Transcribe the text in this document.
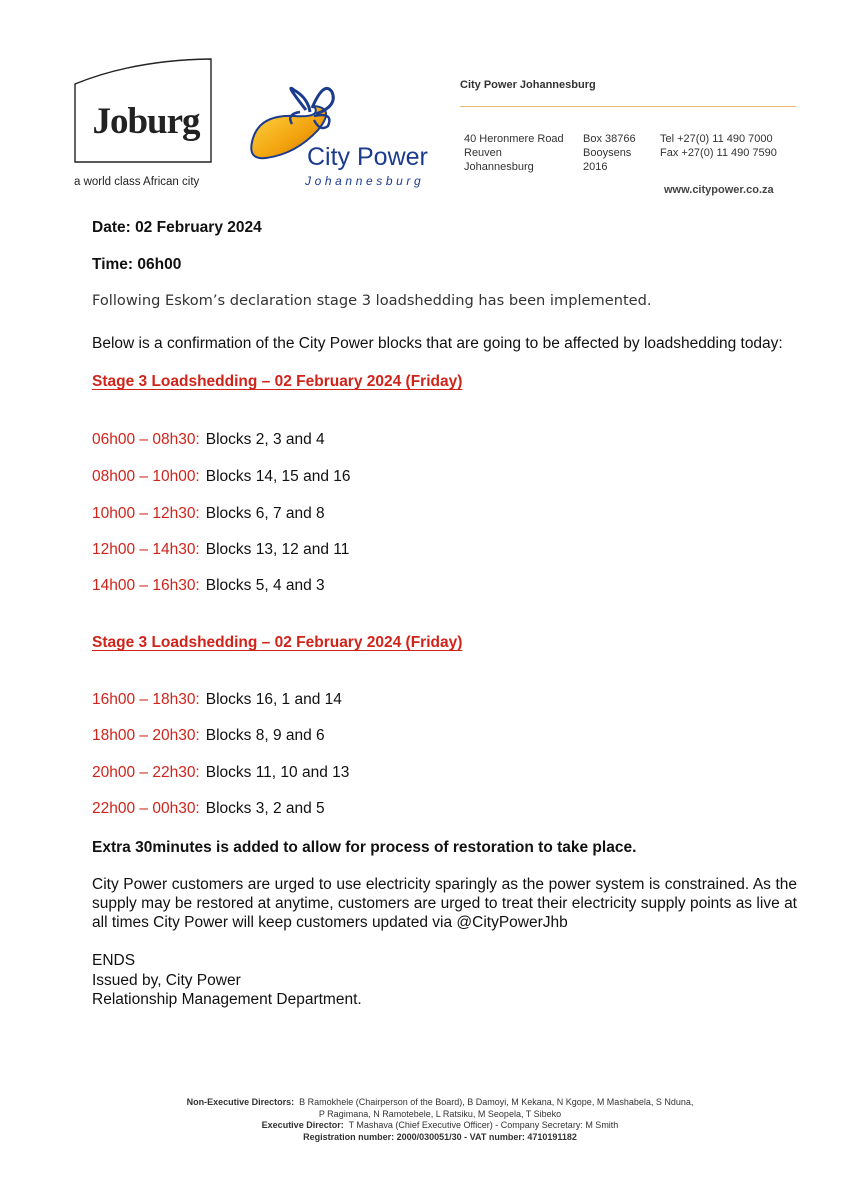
Joburg
a world class African city
City Power
Johannesburg
City Power Johannesburg
40 Heronmere Road
Reuven
Johannesburg
Box 38766
Booysens
2016
Tel +27(0) 11 490 7000
Fax +27(0) 11 490 7590
www.citypower.co.za
Date: 02 February 2024
Time: 06h00
Following Eskom’s declaration stage 3 loadshedding has been implemented.
Below is a confirmation of the City Power blocks that are going to be affected by loadshedding today:
Stage 3 Loadshedding – 02 February 2024 (Friday)
06h00 – 08h30: Blocks 2, 3 and 4
08h00 – 10h00: Blocks 14, 15 and 16
10h00 – 12h30: Blocks 6, 7 and 8
12h00 – 14h30: Blocks 13, 12 and 11
14h00 – 16h30: Blocks 5, 4 and 3
Stage 3 Loadshedding – 02 February 2024 (Friday)
16h00 – 18h30: Blocks 16, 1 and 14
18h00 – 20h30: Blocks 8, 9 and 6
20h00 – 22h30: Blocks 11, 10 and 13
22h00 – 00h30: Blocks 3, 2 and 5
Extra 30minutes is added to allow for process of restoration to take place.
City Power customers are urged to use electricity sparingly as the power system is constrained. As the supply may be restored at anytime, customers are urged to treat their electricity supply points as live at all times City Power will keep customers updated via @CityPowerJhb
ENDS
Issued by, City Power
Relationship Management Department.
Non-Executive Directors: B Ramokhele (Chairperson of the Board), B Damoyi, M Kekana, N Kgope, M Mashabela, S Nduna,
P Ragimana, N Ramotebele, L Ratsiku, M Seopela, T Sibeko
Executive Director: T Mashava (Chief Executive Officer) - Company Secretary: M Smith
Registration number: 2000/030051/30 - VAT number: 4710191182
